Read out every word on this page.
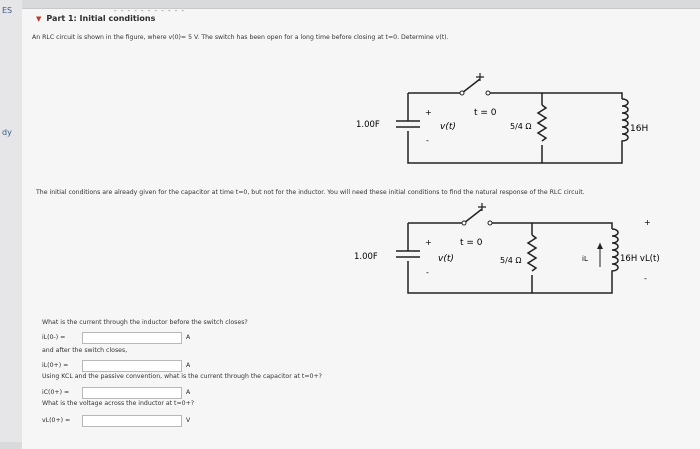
ES
dy
- - - - - - - - - - -
▼ Part 1: Initial conditions
An RLC circuit is shown in the figure, where v(0)= 5 V. The switch has been open for a long time before closing at t=0. Determine v(t).
t = 0
1.00F
+
-
v(t)	5/4 Ω	16H
The initial conditions are already given for the capacitor at time t=0, but not for the inductor. You will need these initial conditions to find the natural response of the RLC circuit.
t = 0
1.00F
+
-
v(t)	5/4 Ω	iL
+
16H vL(t)
-
What is the current through the inductor before the switch closes?
iL(0-) =	A
and after the switch closes,
iL(0+) =	A
Using KCL and the passive convention, what is the current through the capacitor at t=0+?
iC(0+) =	A
What is the voltage across the inductor at t=0+?
vL(0+) =	V
